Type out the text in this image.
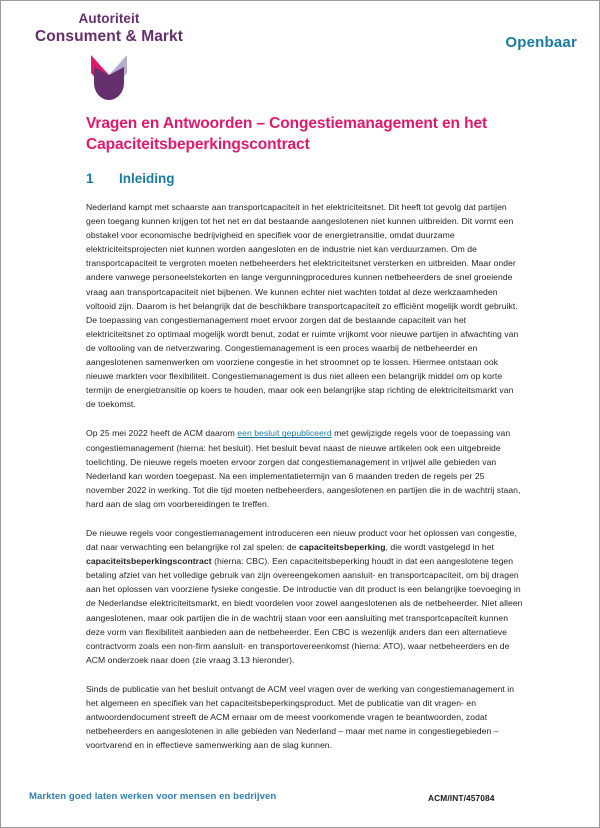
Autoriteit
Consument & Markt	Openbaar
Vragen en Antwoorden – Congestiemanagement en het Capaciteitsbeperkingscontract
1	Inleiding

Nederland kampt met schaarste aan transportcapaciteit in het elektriciteitsnet. Dit heeft tot gevolg dat partijen geen toegang kunnen krijgen tot het net en dat bestaande aangeslotenen niet kunnen uitbreiden. Dit vormt een obstakel voor economische bedrijvigheid en specifiek voor de energietransitie, omdat duurzame elektriciteitsprojecten niet kunnen worden aangesloten en de industrie niet kan verduurzamen. Om de transportcapaciteit te vergroten moeten netbeheerders het elektriciteitsnet versterken en uitbreiden. Maar onder andere vanwege personeelstekorten en lange vergunningprocedures kunnen netbeheerders de snel groeiende vraag aan transportcapaciteit niet bijbenen. We kunnen echter niet wachten totdat al deze werkzaamheden voltooid zijn. Daarom is het belangrijk dat de beschikbare transportcapaciteit zo efficiënt mogelijk wordt gebruikt. De toepassing van congestiemanagement moet ervoor zorgen dat de bestaande capaciteit van het elektriciteitsnet zo optimaal mogelijk wordt benut, zodat er ruimte vrijkomt voor nieuwe partijen in afwachting van de voltooiing van de netverzwaring. Congestiemanagement is een proces waarbij de netbeheerder en aangeslotenen samenwerken om voorziene congestie in het stroomnet op te lossen. Hiermee ontstaan ook nieuwe markten voor flexibiliteit. Congestiemanagement is dus niet alleen een belangrijk middel om op korte termijn de energietransitie op koers te houden, maar ook een belangrijke stap richting de elektriciteitsmarkt van de toekomst.

Op 25 mei 2022 heeft de ACM daarom een besluit gepubliceerd met gewijzigde regels voor de toepassing van congestiemanagement (hierna: het besluit). Het besluit bevat naast de nieuwe artikelen ook een uitgebreide toelichting. De nieuwe regels moeten ervoor zorgen dat congestiemanagement in vrijwel alle gebieden van Nederland kan worden toegepast. Na een implementatietermijn van 6 maanden treden de regels per 25 november 2022 in werking. Tot die tijd moeten netbeheerders, aangeslotenen en partijen die in de wachtrij staan, hard aan de slag om voorbereidingen te treffen.

De nieuwe regels voor congestiemanagement introduceren een nieuw product voor het oplossen van congestie, dat naar verwachting een belangrijke rol zal spelen: de capaciteitsbeperking, die wordt vastgelegd in het capaciteitsbeperkingscontract (hierna: CBC). Een capaciteitsbeperking houdt in dat een aangeslotene tegen betaling afziet van het volledige gebruik van zijn overeengekomen aansluit- en transportcapaciteit, om bij dragen aan het oplossen van voorziene fysieke congestie. De introductie van dit product is een belangrijke toevoeging in de Nederlandse elektriciteitsmarkt, en biedt voordelen voor zowel aangeslotenen als de netbeheerder. Niet alleen aangeslotenen, maar ook partijen die in de wachtrij staan voor een aansluiting met transportcapaciteit kunnen deze vorm van flexibiliteit aanbieden aan de netbeheerder. Een CBC is wezenlijk anders dan een alternatieve contractvorm zoals een non-firm aansluit- en transportovereenkomst (hierna: ATO), waar netbeheerders en de ACM onderzoek naar doen (zie vraag 3.13 hieronder).

Sinds de publicatie van het besluit ontvangt de ACM veel vragen over de werking van congestiemanagement in het algemeen en specifiek van het capaciteitsbeperkingsproduct. Met de publicatie van dit vragen- en antwoordendocument streeft de ACM ernaar om de meest voorkomende vragen te beantwoorden, zodat netbeheerders en aangeslotenen in alle gebieden van Nederland – maar met name in congestiegebieden – voortvarend en in effectieve samenwerking aan de slag kunnen.

Markten goed laten werken voor mensen en bedrijven	ACM/INT/457084
